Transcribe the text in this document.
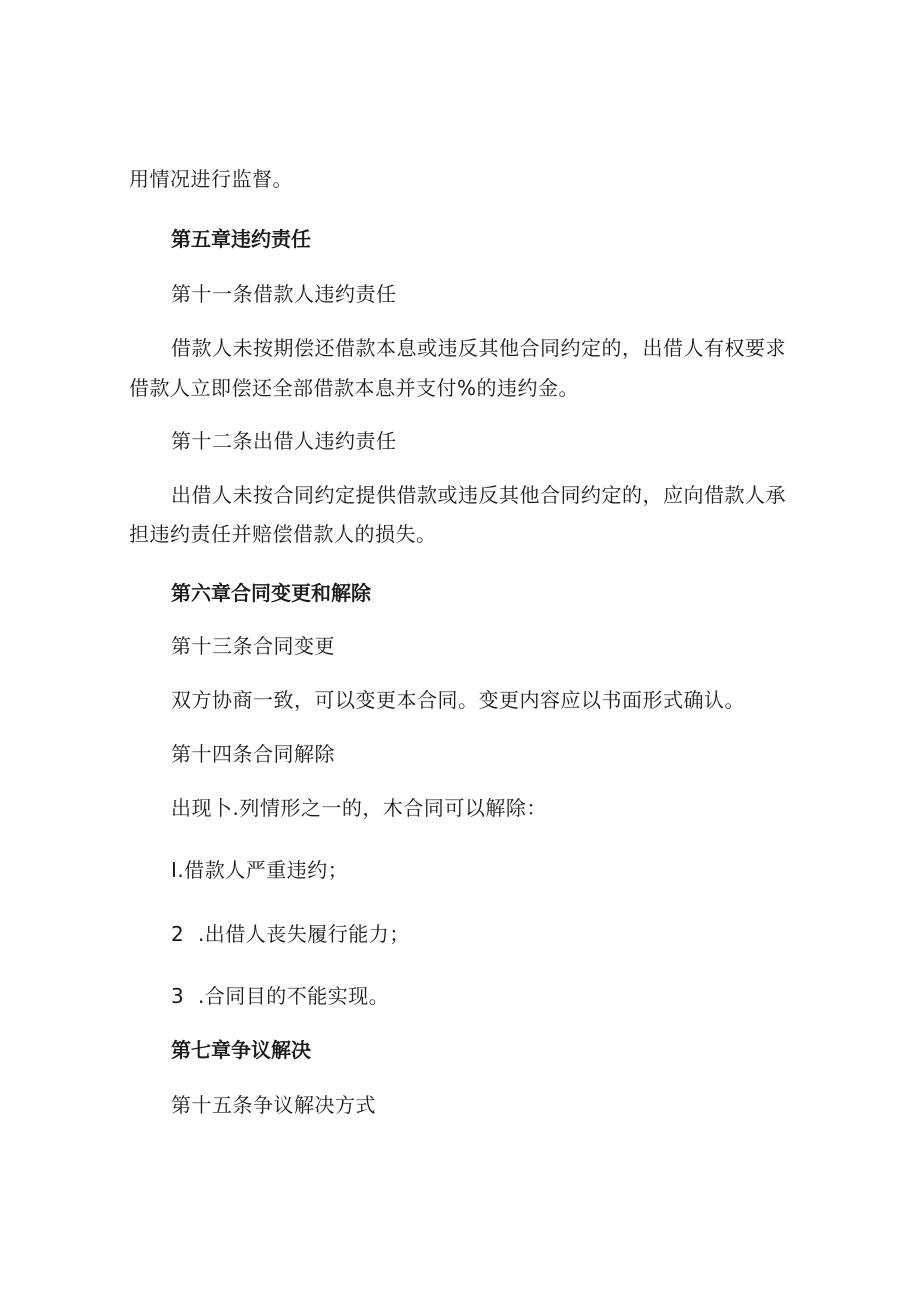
用情况进行监督。
第五章违约责任
第十一条借款人违约责任
借款人未按期偿还借款本息或违反其他合同约定的，出借人有权要求
借款人立即偿还全部借款本息并支付%的违约金。
第十二条出借人违约责任
出借人未按合同约定提供借款或违反其他合同约定的，应向借款人承
担违约责任并赔偿借款人的损失。
第六章合同变更和解除
第十三条合同变更
双方协商一致，可以变更本合同。变更内容应以书面形式确认。
第十四条合同解除
出现卜.列情形之一的，木合同可以解除：
I.借款人严重违约；
2  .出借人丧失履行能力；
3  .合同目的不能实现。
第七章争议解决
第十五条争议解决方式
